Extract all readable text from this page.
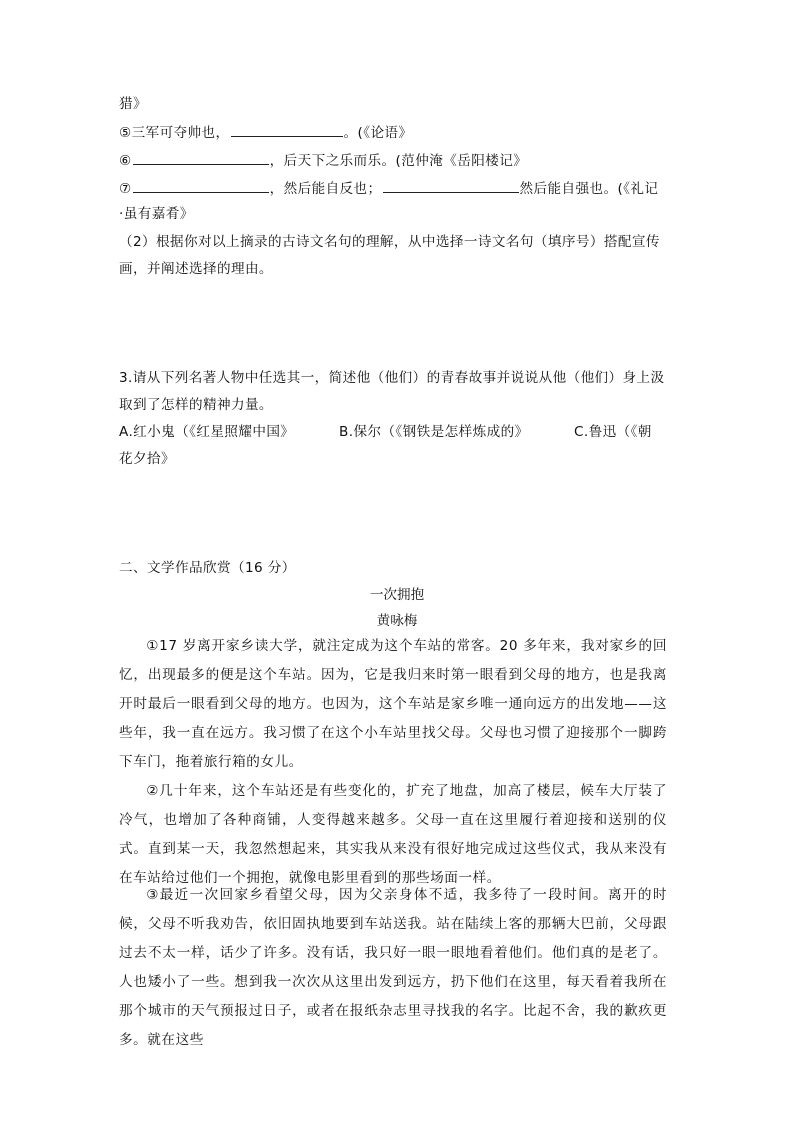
猎》
⑤三军可夺帅也，	。(《论语》
⑥	，后天下之乐而乐。(范仲淹《岳阳楼记》
⑦	，然后能自反也；	然后能自强也。(《礼记
·虽有嘉肴》
（2）根据你对以上摘录的古诗文名句的理解，从中选择一诗文名句（填序号）搭配宣传
画，并阐述选择的理由。
3.请从下列名著人物中任选其一，简述他（他们）的青春故事并说说从他（他们）身上汲
取到了怎样的精神力量。
A.红小鬼（《红星照耀中国》	B.保尔（《钢铁是怎样炼成的》	C.鲁迅（《朝
花夕拾》
二、文学作品欣赏（16 分）
一次拥抱
黄咏梅
①17 岁离开家乡读大学，就注定成为这个车站的常客。20 多年来，我对家乡的回忆，出现最多的便是这个车站。因为，它是我归来时第一眼看到父母的地方，也是我离开时最后一眼看到父母的地方。也因为，这个车站是家乡唯一通向远方的出发地——这些年，我一直在远方。我习惯了在这个小车站里找父母。父母也习惯了迎接那个一脚跨下车门，拖着旅行箱的女儿。
②几十年来，这个车站还是有些变化的，扩充了地盘，加高了楼层，候车大厅装了冷气，也增加了各种商铺，人变得越来越多。父母一直在这里履行着迎接和送别的仪式。直到某一天，我忽然想起来，其实我从来没有很好地完成过这些仪式，我从来没有在车站给过他们一个拥抱，就像电影里看到的那些场面一样。
③最近一次回家乡看望父母，因为父亲身体不适，我多待了一段时间。离开的时候，父母不听我劝告，依旧固执地要到车站送我。站在陆续上客的那辆大巴前，父母跟过去不太一样，话少了许多。没有话，我只好一眼一眼地看着他们。他们真的是老了。人也矮小了一些。想到我一次次从这里出发到远方，扔下他们在这里，每天看着我所在那个城市的天气预报过日子，或者在报纸杂志里寻找我的名字。比起不舍，我的歉疚更多。就在这些
